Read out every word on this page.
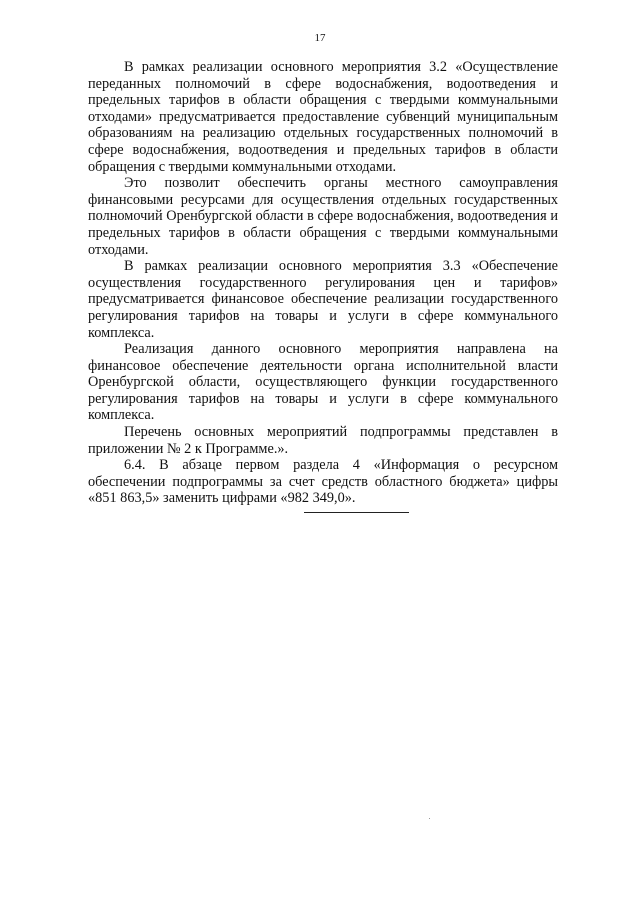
17

В рамках реализации основного мероприятия 3.2 «Осуществление переданных полномочий в сфере водоснабжения, водоотведения и предельных тарифов в области обращения с твердыми коммунальными отходами» предусматривается предоставление субвенций муниципальным образованиям на реализацию отдельных государственных полномочий в сфере водоснабжения, водоотведения и предельных тарифов в области обращения с твердыми коммунальными отходами.

Это позволит обеспечить органы местного самоуправления финансовыми ресурсами для осуществления отдельных государственных полномочий Оренбургской области в сфере водоснабжения, водоотведения и предельных тарифов в области обращения с твердыми коммунальными отходами.

В рамках реализации основного мероприятия 3.3 «Обеспечение осуществления государственного регулирования цен и тарифов» предусматривается финансовое обеспечение реализации государственного регулирования тарифов на товары и услуги в сфере коммунального комплекса.

Реализация данного основного мероприятия направлена на финансовое обеспечение деятельности органа исполнительной власти Оренбургской области, осуществляющего функции государственного регулирования тарифов на товары и услуги в сфере коммунального комплекса.

Перечень основных мероприятий подпрограммы представлен в приложении № 2 к Программе.».

6.4. В абзаце первом раздела 4 «Информация о ресурсном обеспечении подпрограммы за счет средств областного бюджета» цифры «851 863,5» заменить цифрами «982 349,0».
